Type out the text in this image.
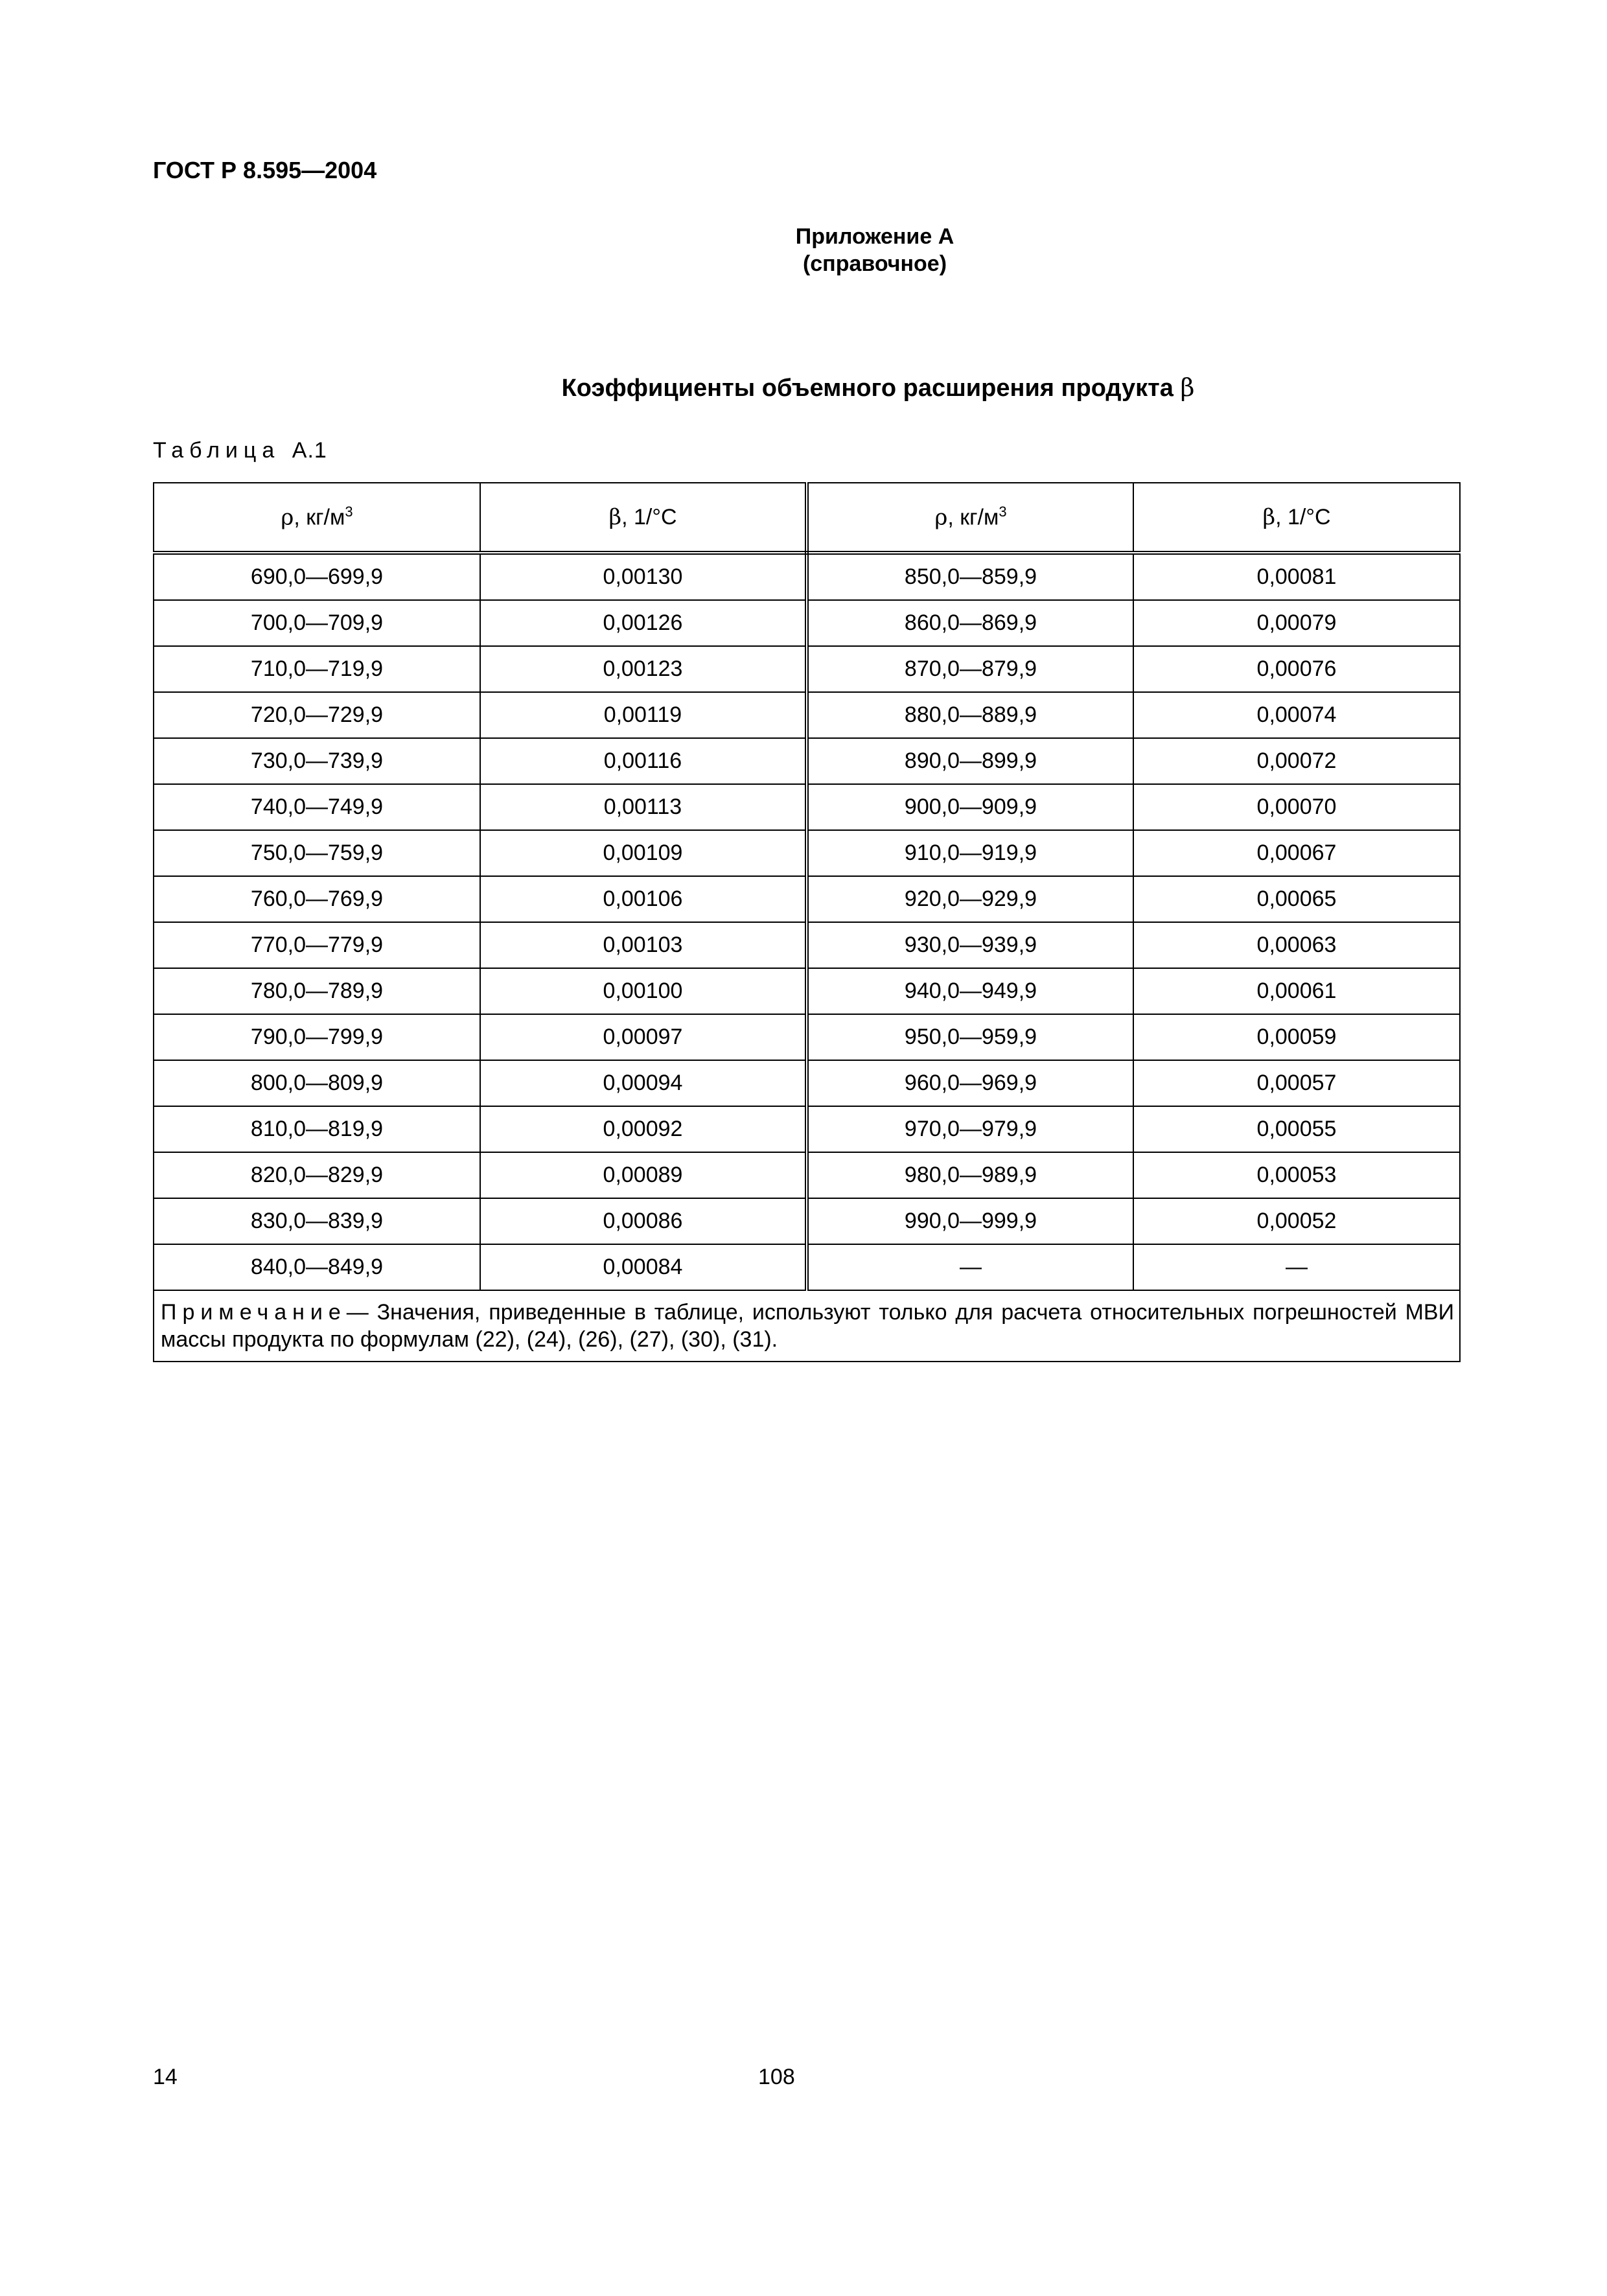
ГОСТ Р 8.595—2004
Приложение А
(справочное)
Коэффициенты объемного расширения продукта β
Таблица А.1
ρ, $кг/м^3$	β, 1/°С	ρ, $кг/м^3$	β, 1/°С
690,0—699,9	0,00130	850,0—859,9	0,00081
700,0—709,9	0,00126	860,0—869,9	0,00079
710,0—719,9	0,00123	870,0—879,9	0,00076
720,0—729,9	0,00119	880,0—889,9	0,00074
730,0—739,9	0,00116	890,0—899,9	0,00072
740,0—749,9	0,00113	900,0—909,9	0,00070
750,0—759,9	0,00109	910,0—919,9	0,00067
760,0—769,9	0,00106	920,0—929,9	0,00065
770,0—779,9	0,00103	930,0—939,9	0,00063
780,0—789,9	0,00100	940,0—949,9	0,00061
790,0—799,9	0,00097	950,0—959,9	0,00059
800,0—809,9	0,00094	960,0—969,9	0,00057
810,0—819,9	0,00092	970,0—979,9	0,00055
820,0—829,9	0,00089	980,0—989,9	0,00053
830,0—839,9	0,00086	990,0—999,9	0,00052
840,0—849,9	0,00084	—	—
Примечание— Значения, приведенные в таблице, используют только для расчета относительных погрешностей МВИ массы продукта по формулам (22), (24), (26), (27), (30), (31).			
14	108
